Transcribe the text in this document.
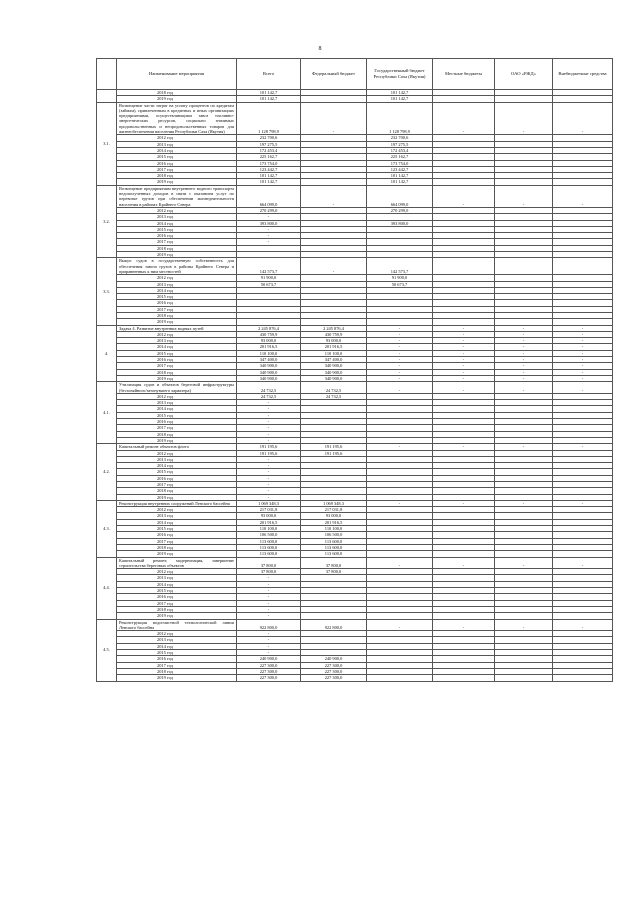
8
	Наименование мероприятия	Всего	Федеральный бюджет	Государственный бюджет Республики Саха (Якутия)	Местные бюджеты	ОАО «РЖД»	Внебюджетные средства
	2018 год	101 142,7		101 142,7			
	2019 год	101 142,7		101 142,7			
3.1.	Возмещение части затрат на уплату процентов по кредитам (займам), привлеченным в кредитных и иных организациях предприятиями, осуществляющими завоз топливно-энергетических ресурсов, социально значимых продовольственных и непродовольственных товаров для жизнеобеспечения населения Республики Саха (Якутия)	1 128 798,9	-	1 128 798,9	-	-	-
	2012 год	232 700,6		232 700,6			
	2013 год	197 275,5		197 275,5			
	2014 год	172 453,4		172 453,4			
	2015 год	225 162,7		225 162,7			
	2016 год	173 754,0		173 754,0			
	2017 год	123 442,7		123 442,7			
	2018 год	101 142,7		101 142,7			
	2019 год	101 142,7		101 142,7			
3.2.	Возмещение предприятиям внутреннего водного транспорта недополученных доходов в связи с оказанием услуг по перевозке грузов при обеспечении жизнедеятельности населения в районах Крайнего Севера	664 099,0	-	664 099,0	-	-	-
	2012 год	270 299,0		270 299,0			
	2013 год	-					
	2014 год	393 800,0		393 800,0			
	2015 год	-					
	2016 год	-					
	2017 год	-					
	2018 год						
	2019 год						
3.3.	Выкуп судов в государственную собственность для обеспечения завоза грузов в районы Крайнего Севера и приравненных к ним местностей	142 573,7	-	142 573,7			
	2012 год	91 900,0		91 900,0			
	2013 год	50 673,7		50 673,7			
	2014 год						
	2015 год						
	2016 год						
	2017 год						
	2018 год						
	2019 год						
4.	Задача 4. Развитие внутренних водных путей	2 245 876,4	2 245 876,4	-	-	-	-
	2012 год	430 759,9	430 759,9	-	-	-	-
	2013 год	93 000,0	93 000,0	-	-	-	-
	2014 год	201 916,5	201 916,5	-	-	-	-
	2015 год	110 100,0	110 100,0	-	-	-	-
	2016 год	347 400,0	347 400,0	-	-	-	-
	2017 год	340 900,0	340 900,0	-	-	-	-
	2018 год	340 900,0	340 900,0	-	-	-	-
	2019 год	340 900,0	340 900,0	-	-	-	-
4.1.	Утилизация судов и объектов береговой инфраструктуры (бесхозяйного/затонувшего характера)	24 732,5	24 732,5	-	-	-	-
	2012 год	24 732,5	24 732,5				
	2013 год	-					
	2014 год	-					
	2015 год	-					
	2016 год	-					
	2017 год	-					
	2018 год	-					
	2019 год	-					
4.2.	Капитальный ремонт объектов флота	191 195,6	191 195,6	-	-	-	-
	2012 год	191 195,6	191 195,6				
	2013 год	-					
	2014 год	-					
	2015 год	-					
	2016 год	-					
	2017 год	-					
	2018 год	-					
	2019 год	-					
4.3.	Реконструкция внутренних сооружений Ленского бассейна	1 069 348,3	1 069 348,3	-	-	-	-
	2012 год	217 031,8	217 031,8				
	2013 год	93 000,0	93 000,0				
	2014 год	201 916,5	201 916,5				
	2015 год	110 100,0	110 100,0				
	2016 год	106 500,0	106 500,0				
	2017 год	113 600,0	113 600,0				
	2018 год	113 600,0	113 600,0				
	2019 год	113 600,0	113 600,0				
4.4.	Капитальный ремонт, модернизация, завершение строительства береговых объектов	37 800,0	37 800,0	-	-	-	-
	2012 год	37 800,0	37 800,0				
	2013 год	-					
	2014 год	-					
	2015 год	-					
	2016 год	-					
	2017 год	-					
	2018 год	-					
	2019 год	-					
4.5.	Реконструкция водоочистной технологической линии Ленского бассейна	922 800,0	922 800,0	-	-	-	-
	2012 год	-					
	2013 год	-					
	2014 год	-					
	2015 год	-					
	2016 год	240 900,0	240 900,0				
	2017 год	227 300,0	227 300,0				
	2018 год	227 300,0	227 300,0				
	2019 год	227 300,0	227 300,0				
